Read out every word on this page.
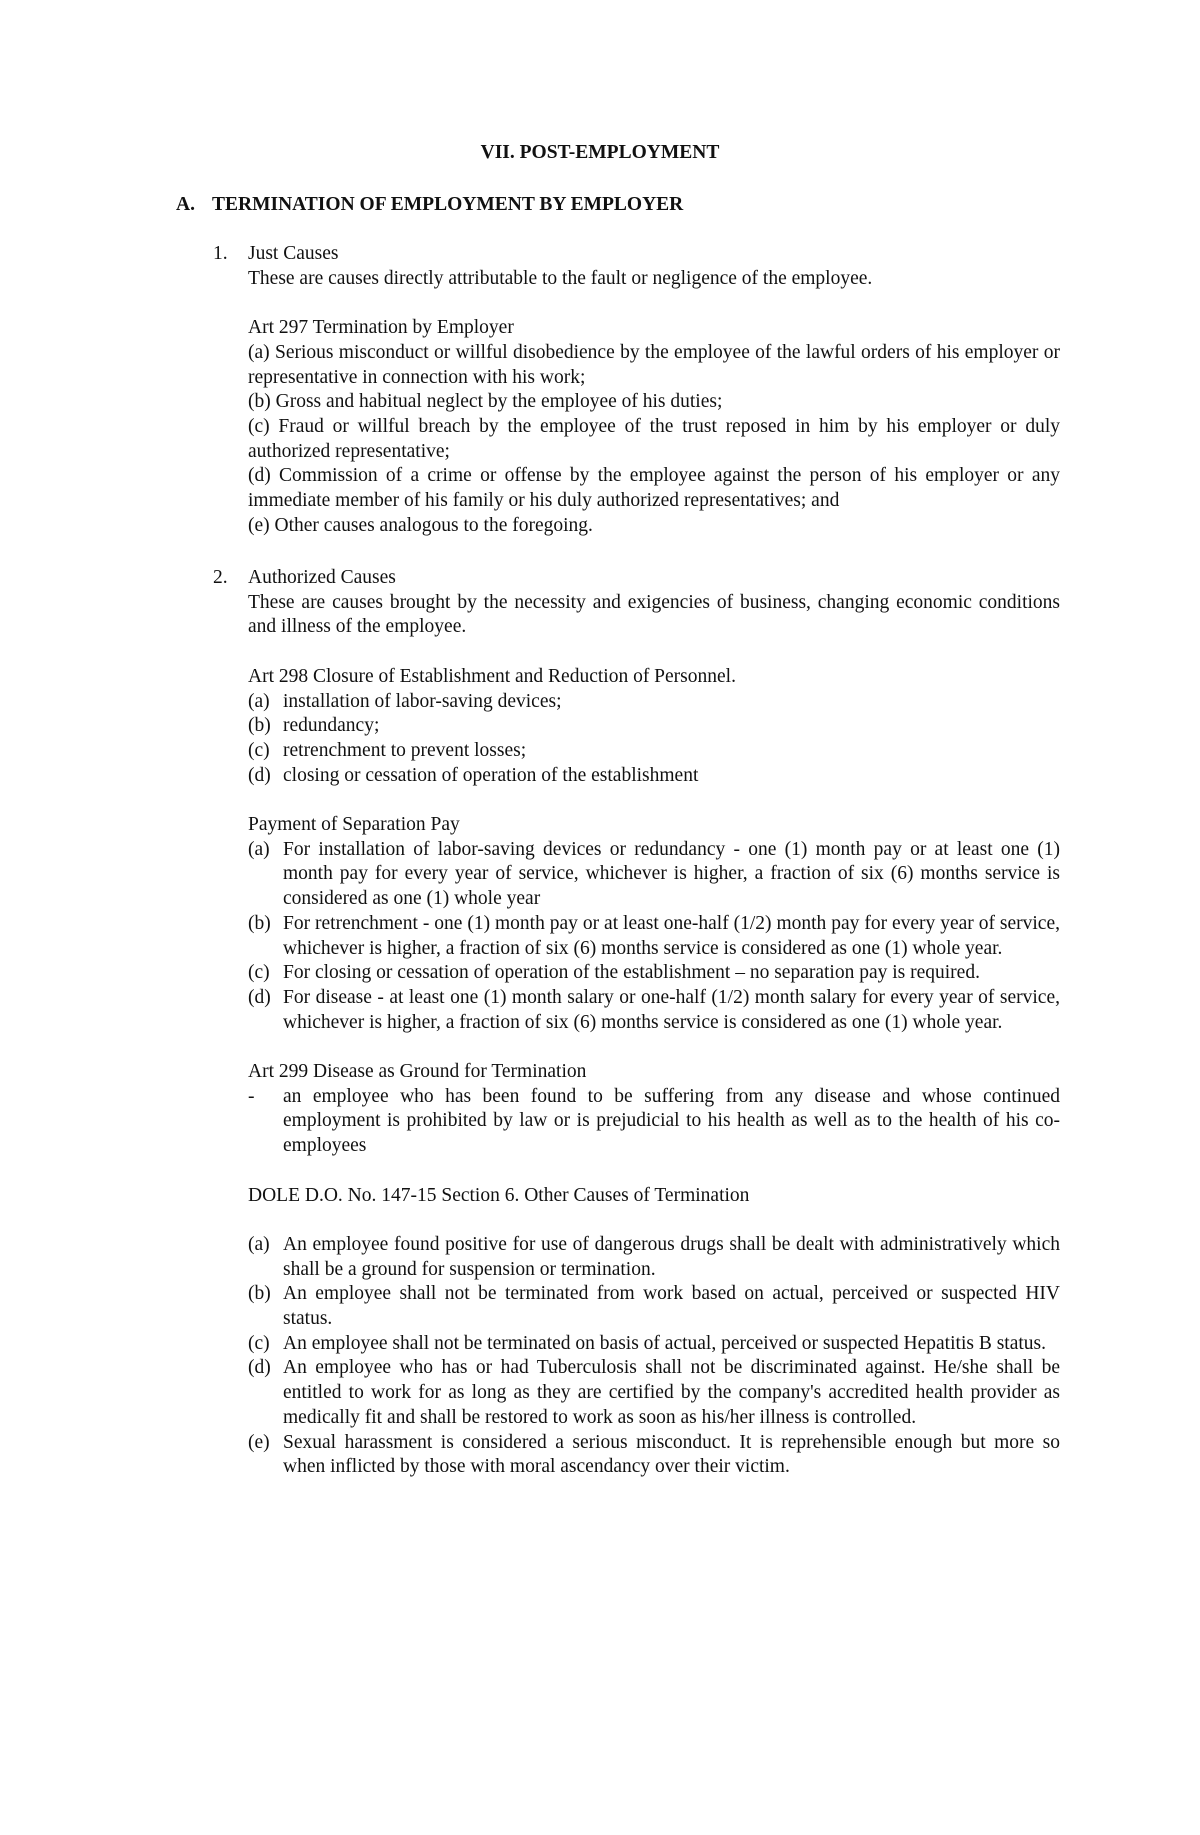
VII. POST-EMPLOYMENT
A. TERMINATION OF EMPLOYMENT BY EMPLOYER

1. Just Causes

These are causes directly attributable to the fault or negligence of the employee.

Art 297 Termination by Employer

(a) Serious misconduct or willful disobedience by the employee of the lawful orders of his employer or representative in connection with his work;

(b) Gross and habitual neglect by the employee of his duties;

(c) Fraud or willful breach by the employee of the trust reposed in him by his employer or duly authorized representative;

(d) Commission of a crime or offense by the employee against the person of his employer or any immediate member of his family or his duly authorized representatives; and

(e) Other causes analogous to the foregoing.

2. Authorized Causes

These are causes brought by the necessity and exigencies of business, changing economic conditions and illness of the employee.

Art 298 Closure of Establishment and Reduction of Personnel.

(a) installation of labor-saving devices;
(b) redundancy;
(c) retrenchment to prevent losses;
(d) closing or cessation of operation of the establishment

Payment of Separation Pay

(a) For installation of labor-saving devices or redundancy - one (1) month pay or at least one (1) month pay for every year of service, whichever is higher, a fraction of six (6) months service is considered as one (1) whole year
(b) For retrenchment - one (1) month pay or at least one-half (1/2) month pay for every year of service, whichever is higher, a fraction of six (6) months service is considered as one (1) whole year.
(c) For closing or cessation of operation of the establishment – no separation pay is required.
(d) For disease - at least one (1) month salary or one-half (1/2) month salary for every year of service, whichever is higher, a fraction of six (6) months service is considered as one (1) whole year.

Art 299 Disease as Ground for Termination

- an employee who has been found to be suffering from any disease and whose continued employment is prohibited by law or is prejudicial to his health as well as to the health of his co-employees

DOLE D.O. No. 147-15 Section 6. Other Causes of Termination

(a) An employee found positive for use of dangerous drugs shall be dealt with administratively which shall be a ground for suspension or termination.
(b) An employee shall not be terminated from work based on actual, perceived or suspected HIV status.
(c) An employee shall not be terminated on basis of actual, perceived or suspected Hepatitis B status.
(d) An employee who has or had Tuberculosis shall not be discriminated against. He/she shall be entitled to work for as long as they are certified by the company's accredited health provider as medically fit and shall be restored to work as soon as his/her illness is controlled.
(e) Sexual harassment is considered a serious misconduct. It is reprehensible enough but more so when inflicted by those with moral ascendancy over their victim.
